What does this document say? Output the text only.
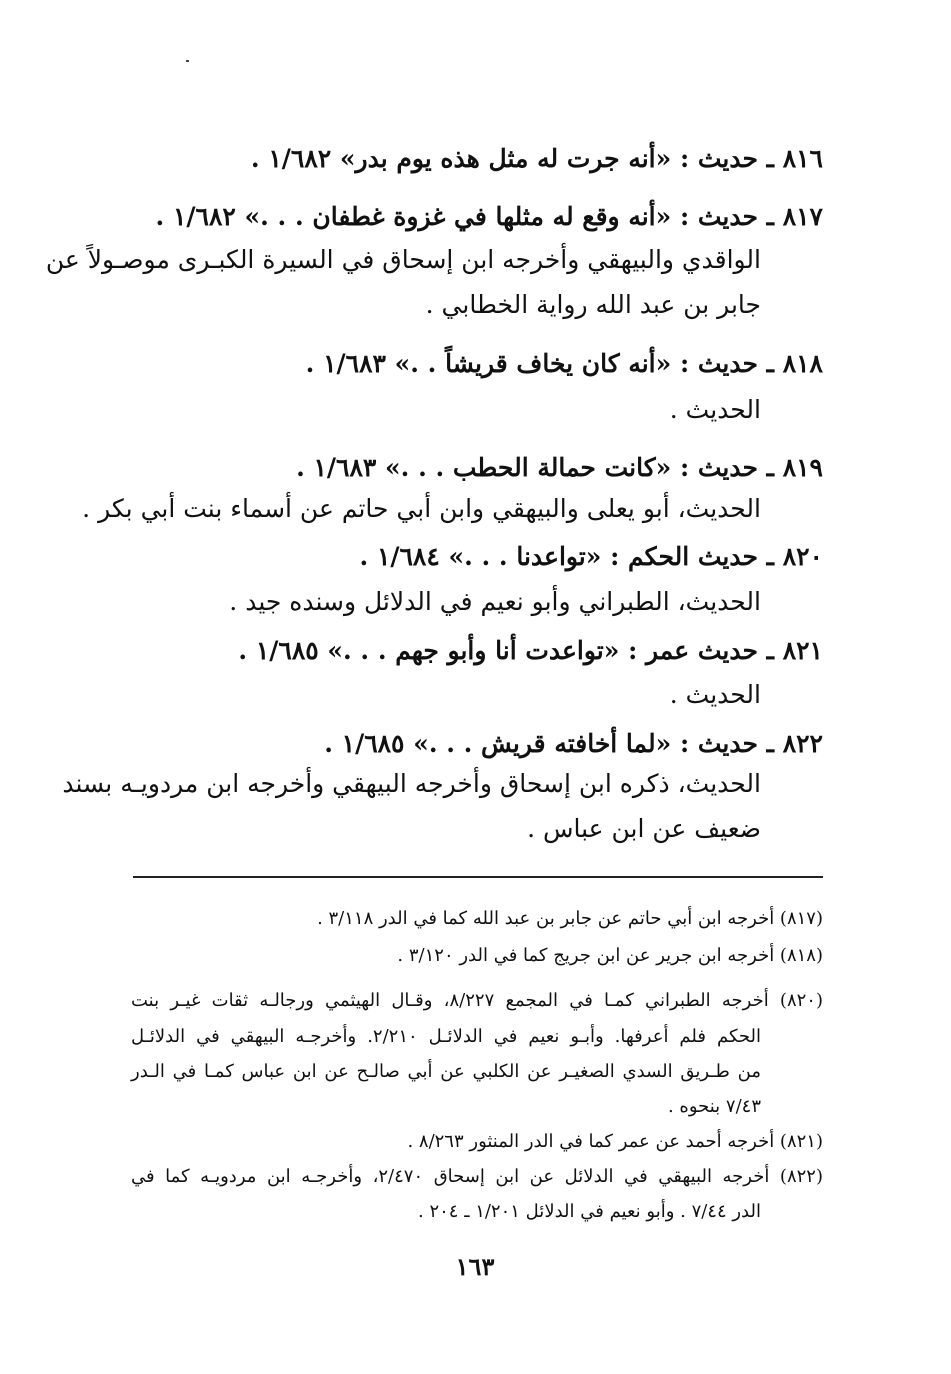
٨١٦ ـ حديث : «أنه جرت له مثل هذه يوم بدر» ١/٦٨٢ .

٨١٧ ـ حديث : «أنه وقع له مثلها في غزوة غطفان . . .» ١/٦٨٢ .

الواقدي والبيهقي وأخرجه ابن إسحاق في السيرة الكبـرى موصـولاً عن

جابر بن عبد الله رواية الخطابي .

٨١٨ ـ حديث : «أنه كان يخاف قريشاً . .» ١/٦٨٣ .

الحديث .

٨١٩ ـ حديث : «كانت حمالة الحطب . . .» ١/٦٨٣ .

الحديث، أبو يعلى والبيهقي وابن أبي حاتم عن أسماء بنت أبي بكر .

٨٢٠ ـ حديث الحكم : «تواعدنا . . .» ١/٦٨٤ .

الحديث، الطبراني وأبو نعيم في الدلائل وسنده جيد .

٨٢١ ـ حديث عمر : «تواعدت أنا وأبو جهم . . .» ١/٦٨٥ .

الحديث .

٨٢٢ ـ حديث : «لما أخافته قريش . . .» ١/٦٨٥ .

الحديث، ذكره ابن إسحاق وأخرجه البيهقي وأخرجه ابن مردويـه بسند

ضعيف عن ابن عباس .

(٨١٧) أخرجه ابن أبي حاتم عن جابر بن عبد الله كما في الدر ٣/١١٨ .

(٨١٨) أخرجه ابن جرير عن ابن جريج كما في الدر ٣/١٢٠ .

(٨٢٠) أخرجه الطبراني كمـا في المجمع ٨/٢٢٧، وقـال الهيثمي ورجالـه ثقات غيـر بنت

الحكم فلم أعرفها. وأبـو نعيم في الدلائـل ٢/٢١٠. وأخرجـه البيهقي في الدلائـل

من طـريق السدي الصغيـر عن الكلبي عن أبي صالـح عن ابن عباس كمـا في الـدر

٧/٤٣ بنحوه .

(٨٢١) أخرجه أحمد عن عمر كما في الدر المنثور ٨/٢٦٣ .

(٨٢٢) أخرجه البيهقي في الدلائل عن ابن إسحاق ٢/٤٧٠، وأخرجـه ابن مردويـه كما في

الدر ٧/٤٤ . وأبو نعيم في الدلائل ١/٢٠١ ـ ٢٠٤ .

١٦٣
